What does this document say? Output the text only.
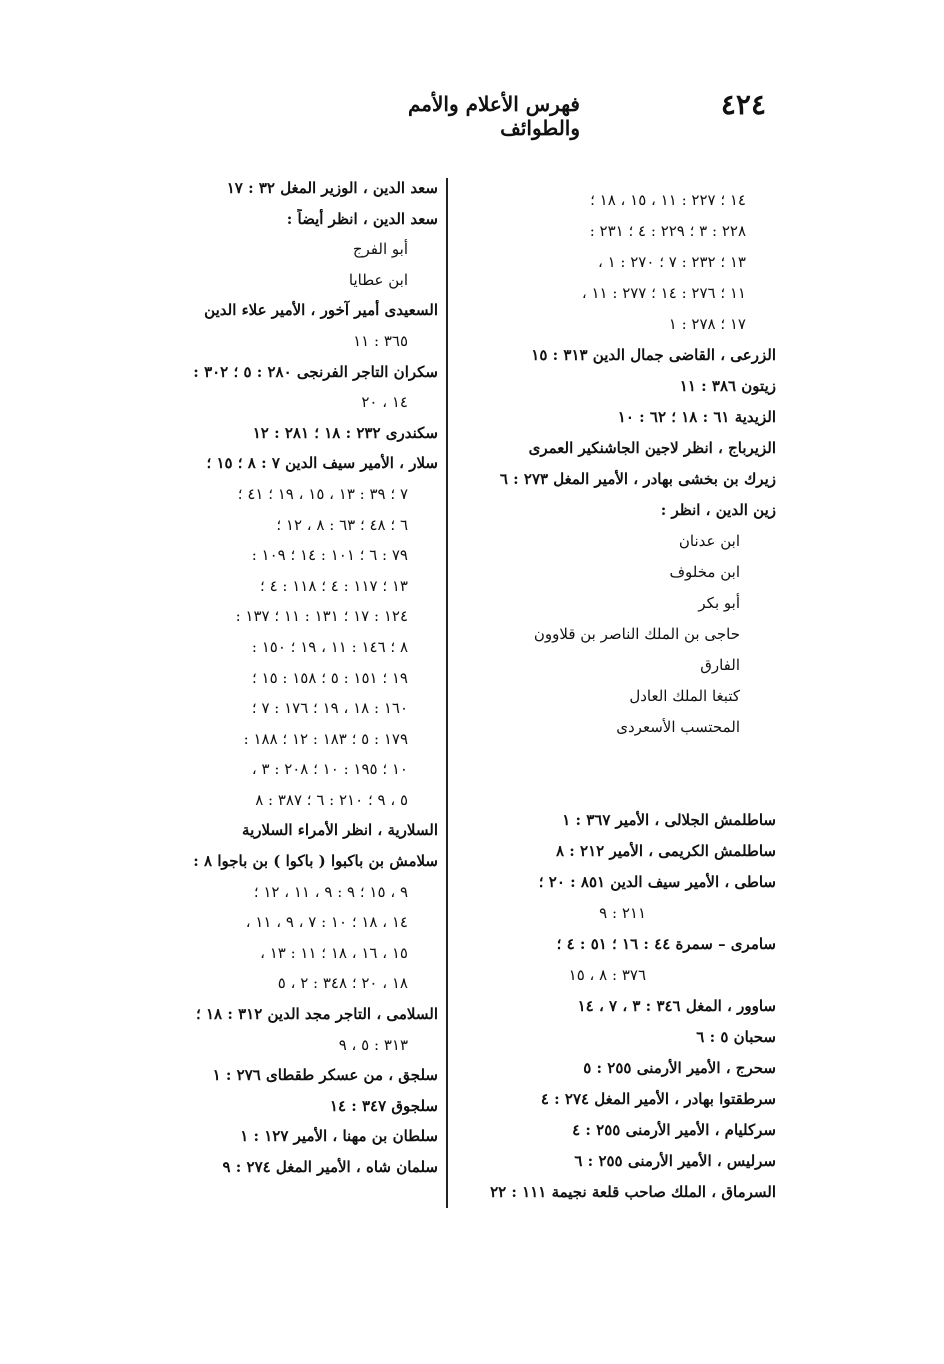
٤٢٤
فهرس الأعلام والأمم والطوائف
١٤ ؛ ٢٢٧ : ١١ ، ١٥ ، ١٨ ؛
٢٢٨ : ٣ ؛ ٢٢٩ : ٤ ؛ ٢٣١ :
١٣ ؛ ٢٣٢ : ٧ ؛ ٢٧٠ : ١ ،
١١ ؛ ٢٧٦ : ١٤ ؛ ٢٧٧ : ١١ ،
١٧ ؛ ٢٧٨ : ١
الزرعى ، القاضى جمال الدين ٣١٣ : ١٥
زيتون ٣٨٦ : ١١
الزيدية ٦١ : ١٨ ؛ ٦٢ : ١٠
الزيرباج ، انظر لاجين الجاشنكير العمرى
زيرك بن بخشى بهادر ، الأمير المغل ٢٧٣ : ٦
زين الدين ، انظر :
ابن عدنان
ابن مخلوف
أبو بكر
حاجى بن الملك الناصر بن قلاوون
الفارق
كتبغا الملك العادل
المحتسب الأسعردى
ساطلمش الجلالى ، الأمير ٣٦٧ : ١
ساطلمش الكريمى ، الأمير ٢١٢ : ٨
ساطى ، الأمير سيف الدين ٨٥١ : ٢٠ ؛
٢١١ : ٩
سامرى – سمرة ٤٤ : ١٦ ؛ ٥١ : ٤ ؛
٣٧٦ : ٨ ، ١٥
ساوور ، المغل ٣٤٦ : ٣ ، ٧ ، ١٤
سحبان ٥ : ٦
سحرج ، الأمير الأرمنى ٢٥٥ : ٥
سرطقتوا بهادر ، الأمير المغل ٢٧٤ : ٤
سركليام ، الأمير الأرمنى ٢٥٥ : ٤
سرليس ، الأمير الأرمنى ٢٥٥ : ٦
السرماق ، الملك صاحب قلعة نجيمة ١١١ : ٢٢
سعد الدين ، الوزير المغل ٣٢ : ١٧
سعد الدين ، انظر أيضاً :
أبو الفرج
ابن عطايا
السعيدى أمير آخور ، الأمير علاء الدين
٣٦٥ : ١١
سكران التاجر الفرنجى ٢٨٠ : ٥ ؛ ٣٠٢ :
١٤ ، ٢٠
سكندرى ٢٣٢ : ١٨ ؛ ٢٨١ : ١٢
سلار ، الأمير سيف الدين ٧ : ٨ ؛ ١٥ ؛
٧ ؛ ٣٩ : ١٣ ، ١٥ ، ١٩ ؛ ٤١ ؛
٦ ؛ ٤٨ ؛ ٦٣ : ٨ ، ١٢ ؛
٧٩ : ٦ ؛ ١٠١ : ١٤ ؛ ١٠٩ :
١٣ ؛ ١١٧ : ٤ ؛ ١١٨ : ٤ ؛
١٢٤ : ١٧ ؛ ١٣١ : ١١ ؛ ١٣٧ :
٨ ؛ ١٤٦ : ١١ ، ١٩ ؛ ١٥٠ :
١٩ ؛ ١٥١ : ٥ ؛ ١٥٨ : ١٥ ؛
١٦٠ : ١٨ ، ١٩ ؛ ١٧٦ : ٧ ؛
١٧٩ : ٥ ؛ ١٨٣ : ١٢ ؛ ١٨٨ :
١٠ ؛ ١٩٥ : ١٠ ؛ ٢٠٨ : ٣ ،
٥ ، ٩ ؛ ٢١٠ : ٦ ؛ ٣٨٧ : ٨
السلارية ، انظر الأمراء السلارية
سلامش بن باكبوا ( باكوا ) بن باجوا ٨ :
٩ ، ١٥ ؛ ٩ : ٩ ، ١١ ، ١٢ ؛
١٤ ، ١٨ ؛ ١٠ : ٧ ، ٩ ، ١١ ،
١٥ ، ١٦ ، ١٨ ؛ ١١ : ١٣ ،
١٨ ، ٢٠ ؛ ٣٤٨ : ٢ ، ٥
السلامى ، التاجر مجد الدين ٣١٢ : ١٨ ؛
٣١٣ : ٥ ، ٩
سلجق ، من عسكر طقطاى ٢٧٦ : ١
سلجوق ٣٤٧ : ١٤
سلطان بن مهنا ، الأمير ١٢٧ : ١
سلمان شاه ، الأمير المغل ٢٧٤ : ٩
